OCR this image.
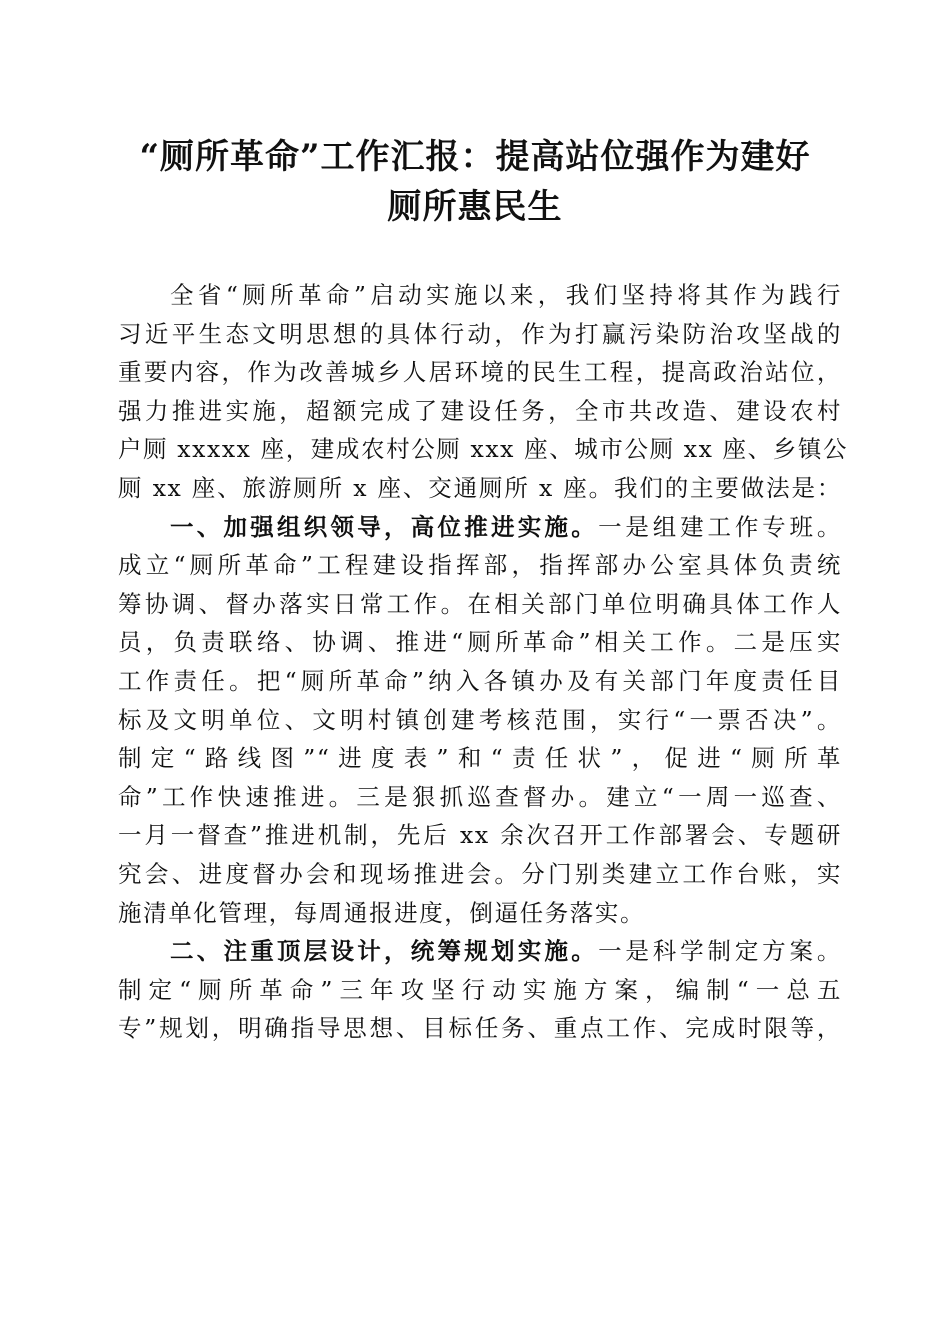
“厕所革命”工作汇报：提高站位强作为建好
厕所惠民生
全省“厕所革命”启动实施以来，我们坚持将其作为践行
习近平生态文明思想的具体行动，作为打赢污染防治攻坚战的
重要内容，作为改善城乡人居环境的民生工程，提高政治站位，
强力推进实施，超额完成了建设任务，全市共改造、建设农村
户厕 xxxxx 座，建成农村公厕 xxx 座、城市公厕 xx 座、乡镇公
厕 xx 座、旅游厕所 x 座、交通厕所 x 座。我们的主要做法是：
一、加强组织领导，高位推进实施。一是组建工作专班。
成立“厕所革命”工程建设指挥部，指挥部办公室具体负责统
筹协调、督办落实日常工作。在相关部门单位明确具体工作人
员，负责联络、协调、推进“厕所革命”相关工作。二是压实
工作责任。把“厕所革命”纳入各镇办及有关部门年度责任目
标及文明单位、文明村镇创建考核范围，实行“一票否决”。
制定“路线图”“进度表”和“责任状”，促进“厕所革
命”工作快速推进。三是狠抓巡查督办。建立“一周一巡查、
一月一督查”推进机制，先后 xx 余次召开工作部署会、专题研
究会、进度督办会和现场推进会。分门别类建立工作台账，实
施清单化管理，每周通报进度，倒逼任务落实。
二、注重顶层设计，统筹规划实施。一是科学制定方案。
制定“厕所革命”三年攻坚行动实施方案，编制“一总五
专”规划，明确指导思想、目标任务、重点工作、完成时限等，
